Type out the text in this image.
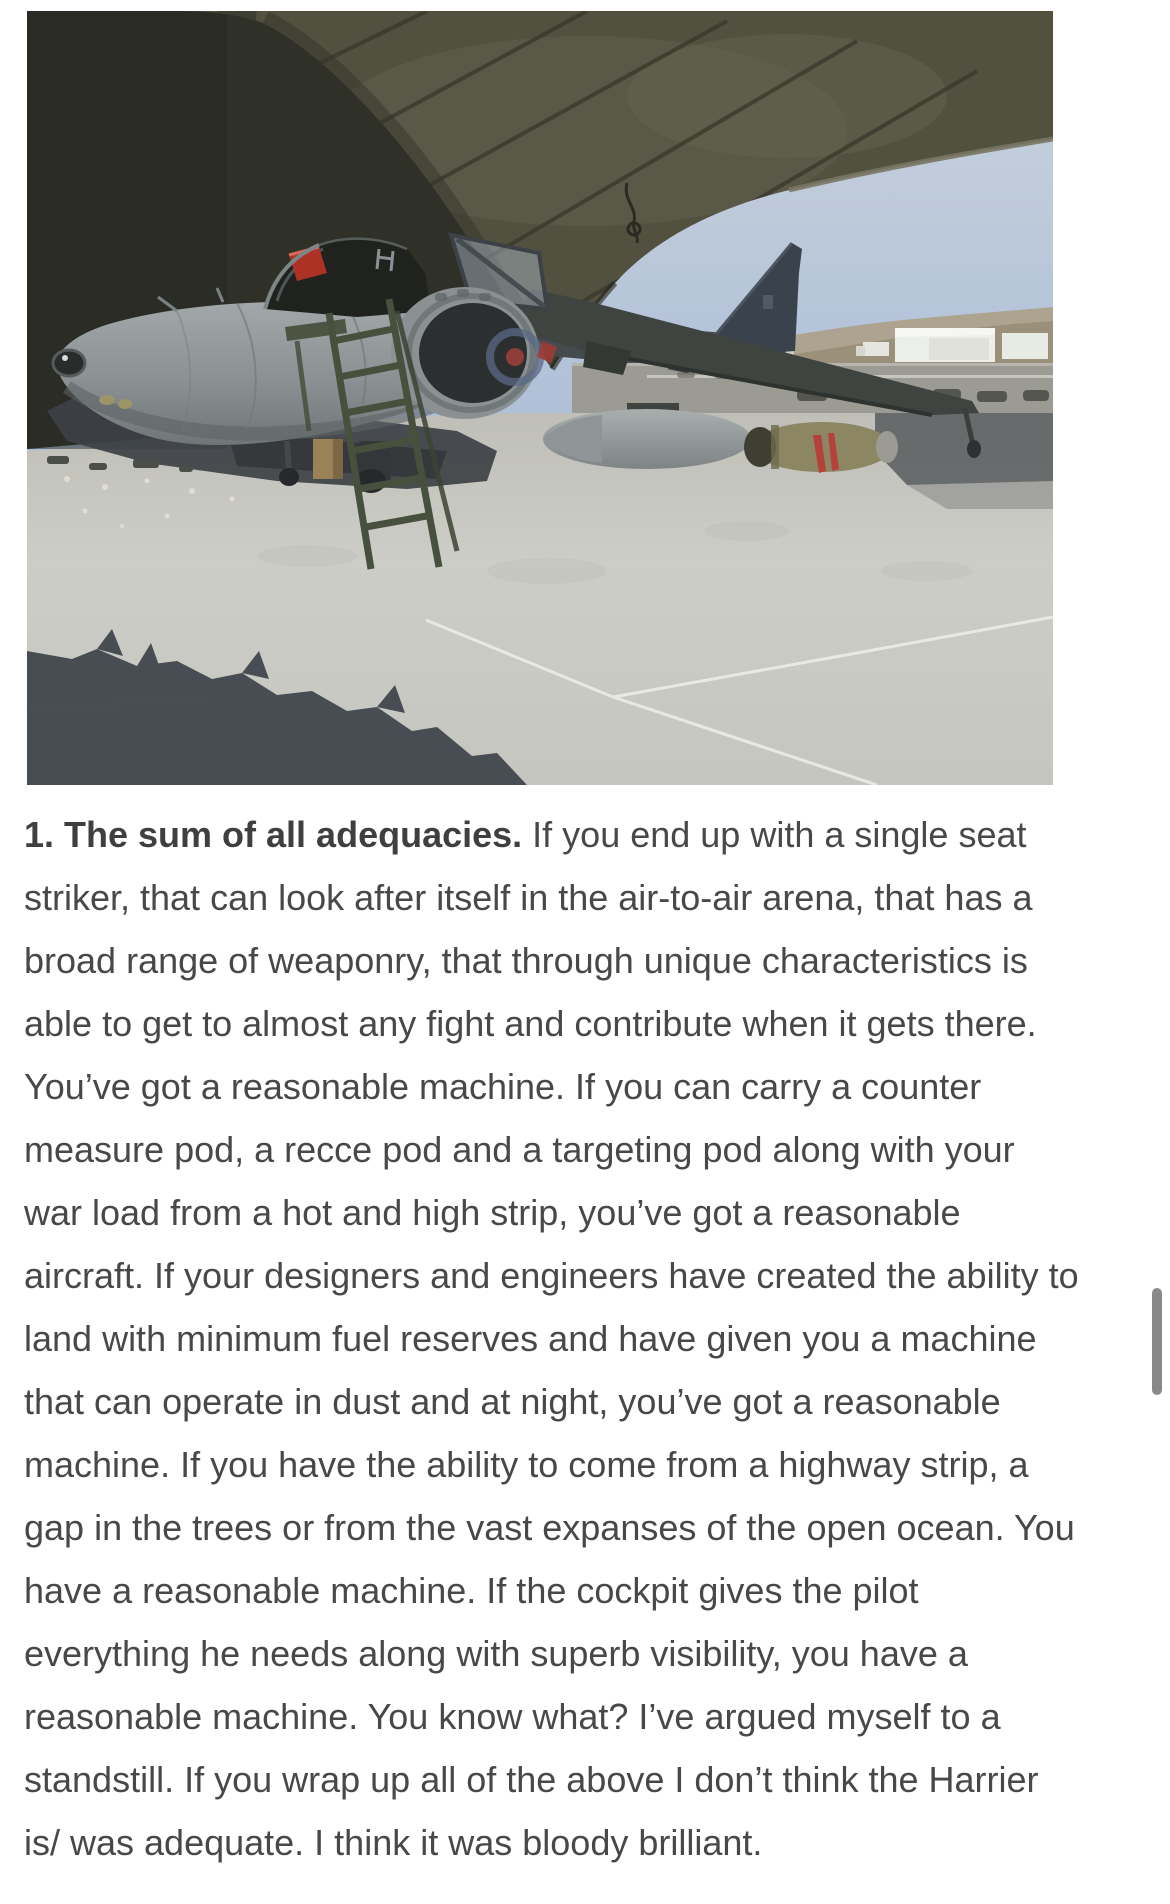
1. The sum of all adequacies. If you end up with a single seat
striker, that can look after itself in the air-to-air arena, that has a
broad range of weaponry, that through unique characteristics is
able to get to almost any fight and contribute when it gets there.
You’ve got a reasonable machine. If you can carry a counter
measure pod, a recce pod and a targeting pod along with your
war load from a hot and high strip, you’ve got a reasonable
aircraft. If your designers and engineers have created the ability to
land with minimum fuel reserves and have given you a machine
that can operate in dust and at night, you’ve got a reasonable
machine. If you have the ability to come from a highway strip, a
gap in the trees or from the vast expanses of the open ocean. You
have a reasonable machine. If the cockpit gives the pilot
everything he needs along with superb visibility, you have a
reasonable machine. You know what? I’ve argued myself to a
standstill. If you wrap up all of the above I don’t think the Harrier
is/ was adequate. I think it was bloody brilliant.
